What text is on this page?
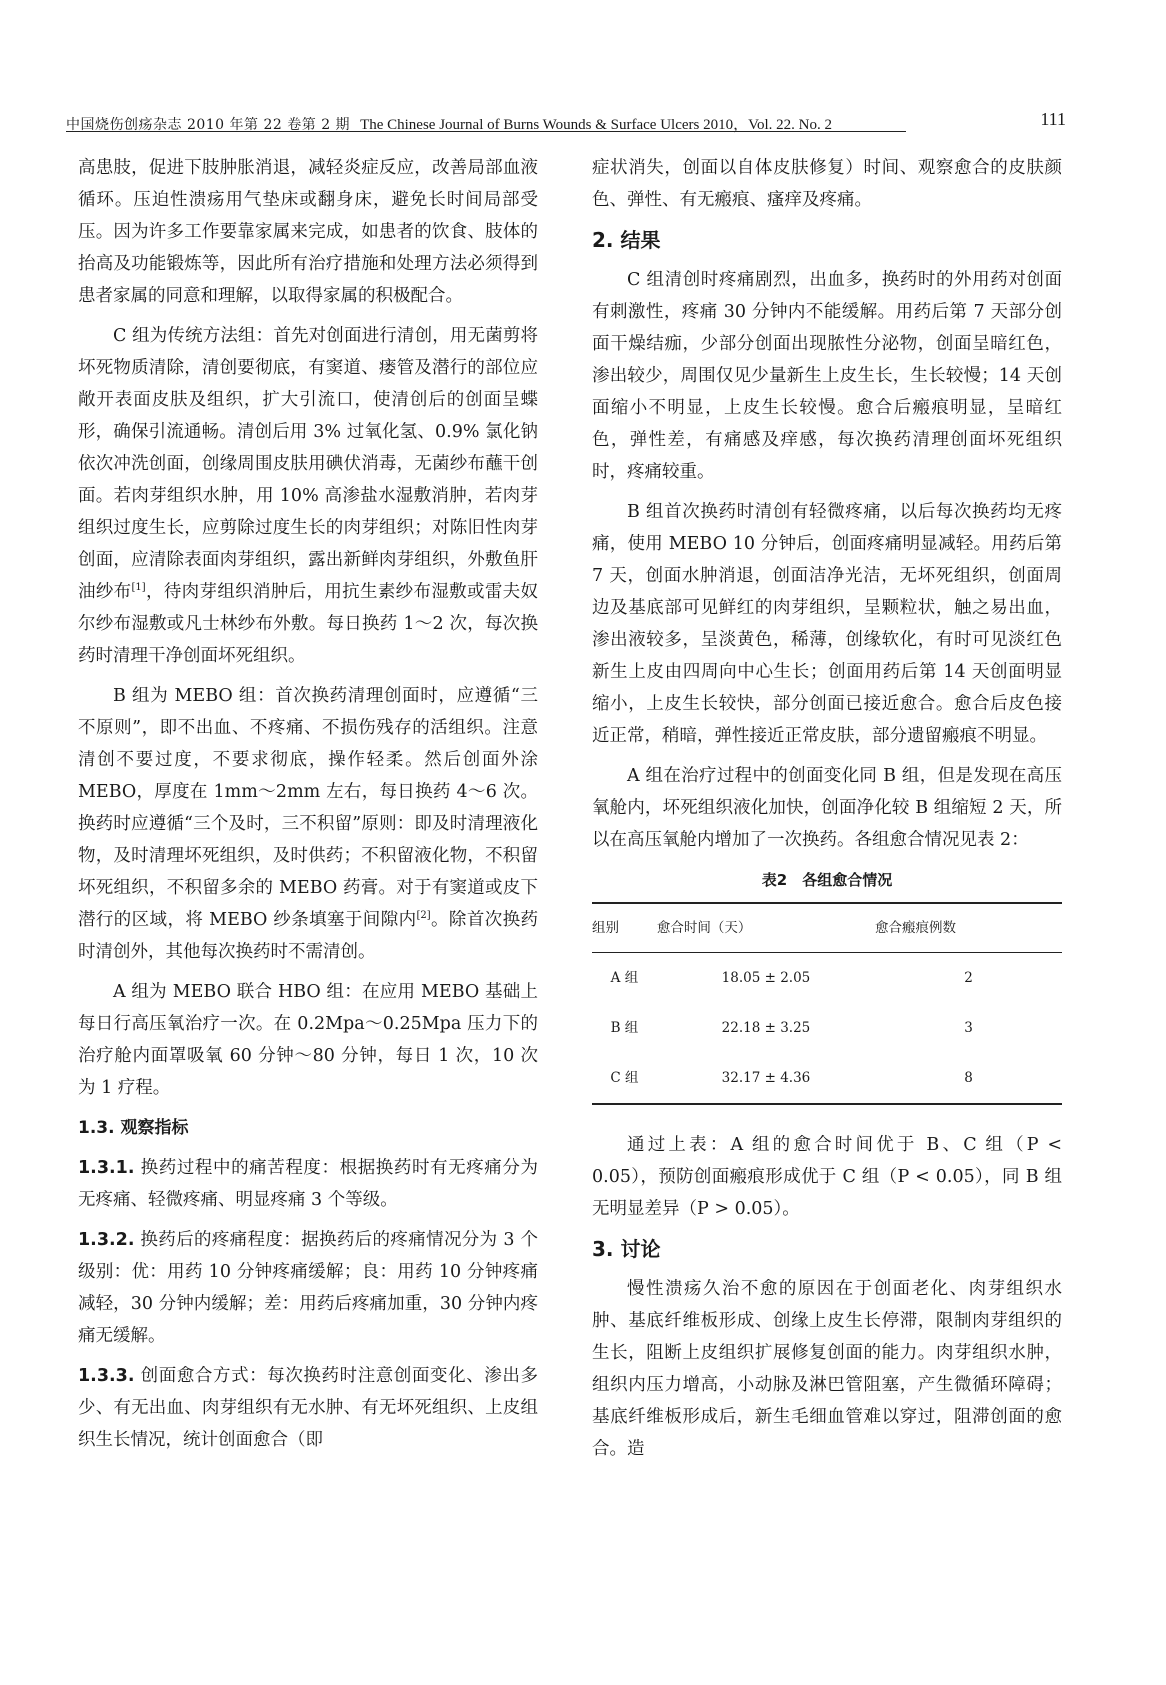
中国烧伤创疡杂志 2010 年第 22 卷第 2 期 The Chinese Journal of Burns Wounds & Surface Ulcers 2010，Vol. 22. No. 2	111

高患肢，促进下肢肿胀消退，减轻炎症反应，改善局部血液循环。压迫性溃疡用气垫床或翻身床，避免长时间局部受压。因为许多工作要靠家属来完成，如患者的饮食、肢体的抬高及功能锻炼等，因此所有治疗措施和处理方法必须得到患者家属的同意和理解，以取得家属的积极配合。

C 组为传统方法组：首先对创面进行清创，用无菌剪将坏死物质清除，清创要彻底，有窦道、瘘管及潜行的部位应敞开表面皮肤及组织，扩大引流口，使清创后的创面呈蝶形，确保引流通畅。清创后用 3% 过氧化氢、0.9% 氯化钠依次冲洗创面，创缘周围皮肤用碘伏消毒，无菌纱布蘸干创面。若肉芽组织水肿，用 10% 高渗盐水湿敷消肿，若肉芽组织过度生长，应剪除过度生长的肉芽组织；对陈旧性肉芽创面，应清除表面肉芽组织，露出新鲜肉芽组织，外敷鱼肝油纱布[1]，待肉芽组织消肿后，用抗生素纱布湿敷或雷夫奴尔纱布湿敷或凡士林纱布外敷。每日换药 1～2 次，每次换药时清理干净创面坏死组织。

B 组为 MEBO 组：首次换药清理创面时，应遵循“三不原则”，即不出血、不疼痛、不损伤残存的活组织。注意清创不要过度，不要求彻底，操作轻柔。然后创面外涂 MEBO，厚度在 1mm～2mm 左右，每日换药 4～6 次。换药时应遵循“三个及时，三不积留”原则：即及时清理液化物，及时清理坏死组织，及时供药；不积留液化物，不积留坏死组织，不积留多余的 MEBO 药膏。对于有窦道或皮下潜行的区域，将 MEBO 纱条填塞于间隙内[2]。除首次换药时清创外，其他每次换药时不需清创。

A 组为 MEBO 联合 HBO 组：在应用 MEBO 基础上每日行高压氧治疗一次。在 0.2Mpa～0.25Mpa 压力下的治疗舱内面罩吸氧 60 分钟～80 分钟，每日 1 次，10 次为 1 疗程。

1.3. 观察指标

1.3.1. 换药过程中的痛苦程度：根据换药时有无疼痛分为无疼痛、轻微疼痛、明显疼痛 3 个等级。

1.3.2. 换药后的疼痛程度：据换药后的疼痛情况分为 3 个级别：优：用药 10 分钟疼痛缓解；良：用药 10 分钟疼痛减轻，30 分钟内缓解；差：用药后疼痛加重，30 分钟内疼痛无缓解。

1.3.3. 创面愈合方式：每次换药时注意创面变化、渗出多少、有无出血、肉芽组织有无水肿、有无坏死组织、上皮组织生长情况，统计创面愈合（即

症状消失，创面以自体皮肤修复）时间、观察愈合的皮肤颜色、弹性、有无瘢痕、瘙痒及疼痛。

2. 结果

C 组清创时疼痛剧烈，出血多，换药时的外用药对创面有刺激性，疼痛 30 分钟内不能缓解。用药后第 7 天部分创面干燥结痂，少部分创面出现脓性分泌物，创面呈暗红色，渗出较少，周围仅见少量新生上皮生长，生长较慢；14 天创面缩小不明显，上皮生长较慢。愈合后瘢痕明显，呈暗红色，弹性差，有痛感及痒感，每次换药清理创面坏死组织时，疼痛较重。

B 组首次换药时清创有轻微疼痛，以后每次换药均无疼痛，使用 MEBO 10 分钟后，创面疼痛明显减轻。用药后第 7 天，创面水肿消退，创面洁净光洁，无坏死组织，创面周边及基底部可见鲜红的肉芽组织，呈颗粒状，触之易出血，渗出液较多，呈淡黄色，稀薄，创缘软化，有时可见淡红色新生上皮由四周向中心生长；创面用药后第 14 天创面明显缩小，上皮生长较快，部分创面已接近愈合。愈合后皮色接近正常，稍暗，弹性接近正常皮肤，部分遗留瘢痕不明显。

A 组在治疗过程中的创面变化同 B 组，但是发现在高压氧舱内，坏死组织液化加快，创面净化较 B 组缩短 2 天，所以在高压氧舱内增加了一次换药。各组愈合情况见表 2：

表2　各组愈合情况
组别	愈合时间（天）	愈合瘢痕例数
A 组	18.05 ± 2.05	2
B 组	22.18 ± 3.25	3
C 组	32.17 ± 4.36	8

通过上表：A 组的愈合时间优于 B、C 组（P < 0.05），预防创面瘢痕形成优于 C 组（P < 0.05），同 B 组无明显差异（P > 0.05）。

3. 讨论

慢性溃疡久治不愈的原因在于创面老化、肉芽组织水肿、基底纤维板形成、创缘上皮生长停滞，限制肉芽组织的生长，阻断上皮组织扩展修复创面的能力。肉芽组织水肿，组织内压力增高，小动脉及淋巴管阻塞，产生微循环障碍；基底纤维板形成后，新生毛细血管难以穿过，阻滞创面的愈合。造
